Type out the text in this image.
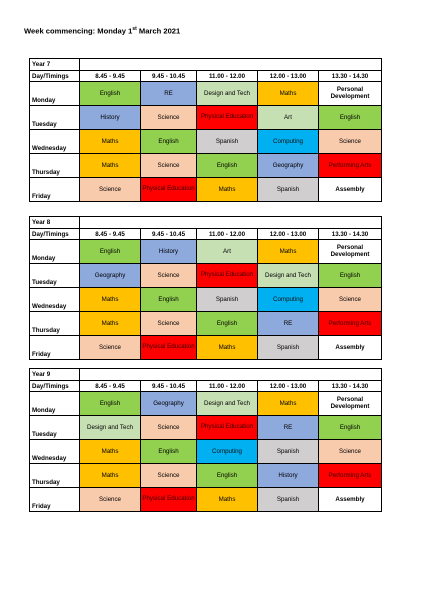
Week commencing: Monday 1st March 2021
Year 7					
Day/Timings	8.45 - 9.45	9.45 - 10.45	11.00 - 12.00	12.00 - 13.00	13.30 - 14.30
Monday	English	RE	Design and Tech	Maths	Personal Development
Tuesday	History	Science	Physical Education	Art	English
Wednesday	Maths	English	Spanish	Computing	Science
Thursday	Maths	Science	English	Geography	Performing Arts
Friday	Science	Physical Education	Maths	Spanish	Assembly
Year 8					
Day/Timings	8.45 - 9.45	9.45 - 10.45	11.00 - 12.00	12.00 - 13.00	13.30 - 14.30
Monday	English	History	Art	Maths	Personal Development
Tuesday	Geography	Science	Physical Education	Design and Tech	English
Wednesday	Maths	English	Spanish	Computing	Science
Thursday	Maths	Science	English	RE	Performing Arts
Friday	Science	Physical Education	Maths	Spanish	Assembly
Year 9					
Day/Timings	8.45 - 9.45	9.45 - 10.45	11.00 - 12.00	12.00 - 13.00	13.30 - 14.30
Monday	English	Geography	Design and Tech	Maths	Personal Development
Tuesday	Design and Tech	Science	Physical Education	RE	English
Wednesday	Maths	English	Computing	Spanish	Science
Thursday	Maths	Science	English	History	Performing Arts
Friday	Science	Physical Education	Maths	Spanish	Assembly
